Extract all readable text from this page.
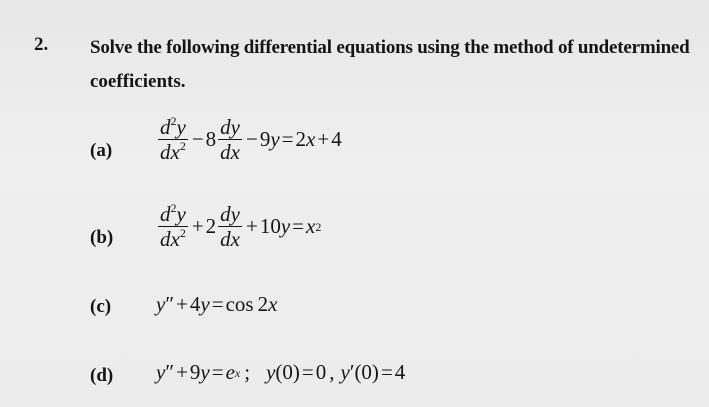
2. Solve the following differential equations using the method of undetermined
coefficients.
$(a) \frac{d^2y}{dx^2} - 8 \frac{dy}{dx} - 9$ y = 2 x + 4
$(b) \frac{d^2y}{dx^2} + 2 \frac{dy}{dx} + 10$ y = x 2
(c) y ″ + 4 y = cos 2 x
(d) y ″ + 9 y = e x ; y (0) = 0 , y ′(0) = 4
